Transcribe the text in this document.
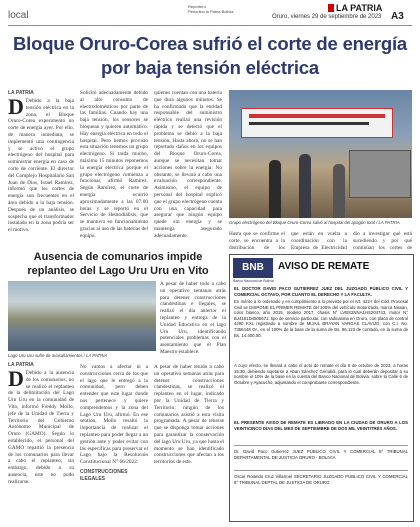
local
Reportero
Periodico la Patria Bolivia	LA PATRIA
Oruro, viernes 29 de septiembre de 2023 A3
Bloque Oruro-Corea sufrió el corte de energía por baja tensión eléctrica
LA PATRIA
D Debido a la baja tensión eléctrica en la zona, el Bloque Oruro-Corea experimentó un corte de energía ayer. Por ello, de manera inmediata, se implementó una contingencia y se activó el grupo electrógeno del hospital para suministrar energía en caso de corte de corriente. El director del Complejo Hospitalario San Juan de Dios, Israel Ramírez, informó que los cortes de energía son frecuentes en el área debido a la baja tensión. Después de un análisis, se sospecha que el transformador instalado en la zona podría ser el motivo.
Solicitó adecuadamente debido al alto consumo de electrodomésticos por parte de las familias. Cuando hay una baja tensión, los sensores se bloquean y quieren automático. Hay energía eléctrica en todo el hospital. Pero hemos provisto esta situación tenemos un grupo electrógeno. Si tarda mucho, máximo 15 minutos reponemos la energía eléctrica porque el grupo electrógeno comienza a funcionar, afirmó Ramírez. Según Ramírez, el corte de energía ocurrió aproximadamente a las 07:00 horas y se reportó en el Servicio de Hemodiálisis, que se mantuvo en funcionamiento gracias al uso de las baterías del equipo.
quienes cuentan con una batería que dura algunos minutos. Se ha confirmado que la entidad responsable del suministro eléctrico realizó una revisión rápida y se detectó que el problema se debió a la baja tensión. Hasta ahora, no se han reportado daños en los equipos del Bloque Oruro-Corea, aunque se necesitan tomar acciones sobre la energía. No obstante, se llevará a cabo una evaluación correspondiente. Asimismo, el equipo de personal del hospital explicó que el grupo electrógeno cuenta con una capacidad para asegurar que ningún equipo quede sin energía y se mantenga asegurado adecuadamente.
Grupo electrógeno del Bloque Oruro-Corea salvó al hospital del apagón total / LA PATRIA
Hasta que se confirme el corte, se encuentra a la distribución de los
que están en vuelta a coordinación con la Empresa de Electricidad
dio a investigar qué está sucediendo y por qué continúan los cortes de
Ausencia de comunarios impide replanteo del Lago Uru Uru en Vito
Lago Uru Uru sufre de avasallamientos / LA PATRIA
A pesar de haber todo a cabo un operativo semanas atrás para detener construcciones clandestinas e ilegales, se realizó el día anterior el replanteo y entrega de la Unidad Educativa en el lago Uru Uru, identificando potenciales problemas con el asentamiento que el Plan Maestro establece.
LA PATRIA
D Debido a la ausencia de los comunarios, no se realizó el replanteo de la delimitación del Lago Uru Uru en la comunidad de Vito, informó Freddy Mollo, jefe de la Unidad de Tierra y Territorio del Gobierno Autónomo Municipal de Oruro (GAMO). Según lo establecido, el personal del GAMO repartió la presencia de los comunarios para llevar a cabo el replanteo; sin embargo, debido a su ausencia, este no pudo realizarse.
No vamos a afectar ni a construcciones cerca de los que el lago que le entregó a la comunidad, pero deben entender que este lugar donde nos pertenece y quiere comprendemos y la zona del Lago Uru Uru, afirmó. En ese sentido, Mollo resaltó la importancia de realizar el replanteo para poder llegar a un gestión ante y poder evitar con las específicas para preservar el Lago bajo la Resolución Constitucional N° 66/2022.
CONSTRUCCIONES ILEGALES
A pesar de haber tenido a cabo un operativo semanas atrás para detener construcciones clandestinas, se realizó el replanteo en el lugar, indicado por la Unidad de Tierra y Territorio; ningún de los comunarios asistió a esta visita programada. A pesar de tenerse que se disponga tomar acciones para garantizar la conservación del lago Uru Uru, ya que hasta el momento se han identificado construcciones que afectan a los territorios de este.
BNB
Banco Nacional de Bolivia
AVISO DE REMATE
EL DOCTOR DAVID PACO GUTIERREZ JUEZ DEL JUZGADO PÚBLICO CIVIL Y COMERCIAL OCTAVO, POR CUANTO EL DERECHO Y LA FACULTA.
En mérito a lo ordenado y en cumplimiento a lo previsto por el Art. 422-I del Cód. Procesal Civil se DISPONE EL PRIMER REMATE del 100% del vehículo motorizado, marca Nissan, color blanco, año 2015, modelo 2017, chasis N° LVBS2NNA1HS204743, motor N° BJ4161D4505671; tipo de servicio particular, con radicatoria en Oruro, con placa de control 4290 KXL registrado a nombre de MIJAIL BRAYAN VARGAS CLAVIJO, con C.I. No. 7356448 Or., en el 100% de la base de la suma de Bs. 96.123 de contado, en la suma de Bs. 14.400,00.
A cuyo efecto, se llevará a cabo el acto de remate el día 6 de octubre de 2023, a horas 15:30, debiendo sujetarse a Aban Sánchez Grimaldi, para lo cual deberán depositar a su nombre el 10% de la base en la cuenta del Banco Nacional de Bolivia, sobre la Calle 6 de Octubre y Ayacucho, adjuntando el comprobante correspondiente.
EL PRESENTE AVISO DE REMATE ES LIBRADO EN LA CIUDAD DE ORURO A LOS VEINTICINCO DÍAS DEL MES DE SEPTIEMBRE DE DOS MIL VEINTITRÉS AÑOS.
Dr. David Paco Gutierrez JUEZ PÚBLICO CIVIL Y COMERCIAL 8° TRIBUNAL DEPARTAMENTAL DE JUSTICIA ORURO - BOLIVIA
Oscar Rolando Cruz Villarroel SECRETARIO JUZGADO PÚBLICO CIVIL Y COMERCIAL 8° TRIBUNAL DEPTAL DE JUSTICIA DE ORURO
